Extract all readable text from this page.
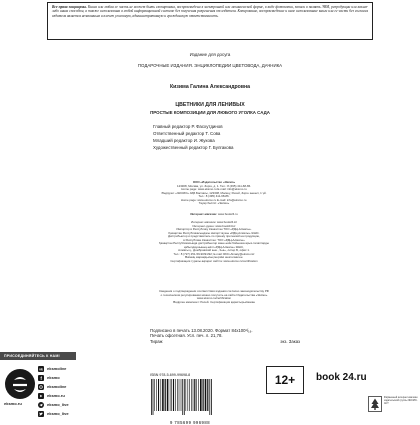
Все права защищены. Книга или любая ее часть не может быть скопирована, воспроизведена в электронной или механической форме, в виде фотокопии, записи в память ЭВМ, репродукции или каким-либо иным способом, а также использована в любой информационной системе без получения разрешения от издателя. Копирование, воспроизведение и иное использование книги или ее части без согласия издателя является незаконным и влечет уголовную, административную и гражданскую ответственность.
Издание для досуга
ПОДАРОЧНЫЕ ИЗДАНИЯ. ЭНЦИКЛОПЕДИИ ЦВЕТОВОДА, ДАЧНИКА
Кизима Галина Александровна
ЦВЕТНИКИ ДЛЯ ЛЕНИВЫХ
ПРОСТЫЕ КОМПОЗИЦИИ ДЛЯ ЛЮБОГО УГОЛКА САДА
Главный редактор Р. Фасхутдинов
Ответственный редактор Т. Сова
Младший редактор И. Жукова
Художественный редактор Г. Булгакова

ООО «Издательство «Эксмо»

123308, Москва, ул. Зорге, д. 1. Тел.: 8 (495) 411-68-86.

Home page: www.eksmo.ru E-mail: info@eksmo.ru

Өндіруші: «ЭКСМО» АҚБ Баспасы, 123308, Мәскеу, Ресей, Зорге көшесі, 1 үй.

Тел.: 8 (495) 411-68-86.

Home page: www.eksmo.ru E-mail: info@eksmo.ru.

Тауар белгісі: «Эксмо»

Интернет-магазин: www.book24.ru

Интернет-магазин: www.book24.kz

Интернет-дүкен: www.book24.kz

Импортёр в Республику Казахстан ТОО «РДЦ-Алматы».

Қазақстан Республикасындағы импорттаушы «РДЦ-Алматы» ЖШС.

Дистрибьютор и представитель по приему претензий на продукцию,

в Республике Казахстан: ТОО «РДЦ-Алматы»

Қазақстан Республикасында дистрибьютор және өнім бойынша арыз-талаптарды

қабылдаушының өкілі «РДЦ-Алматы» ЖШС,

Алматы қ., Домбровский көш., 3«а», литер Б, офис 1.

Тел.: 8 (727) 251-59-90/91/92; E-mail: RDC-Almaty@eksmo.kz

Өнімнің жарамдылық мерзімі шектелмеген.

Сертификация туралы ақпарат сайтта: www.eksmo.ru/certification

Сведения о подтверждении соответствия издания согласно законодательству РФ

о техническом регулировании можно получить на сайте Издательства «Эксмо»

www.eksmo.ru/certification

Өндірген мемлекет: Ресей. Сертификация қарастырылмаған

Подписано в печать 13.08.2020. Формат 84x100¹/₁₆.
Печать офсетная. Усл. печ. л. 21,78.
Тираж	экз. Заказ
ПРИСОЕДИНЯЙТЕСЬ К НАМ!
eksmo.ru
vk eksmolive
f eksmo
eksmolive
eksmo.ru
eksmo_live
eksmo_live
ISBN 978-5-699-99698-8
9 785699 996988
12+	book 24.ru
Фирменный интернет-магазин издательской группы ЭКСМО-АСТ
